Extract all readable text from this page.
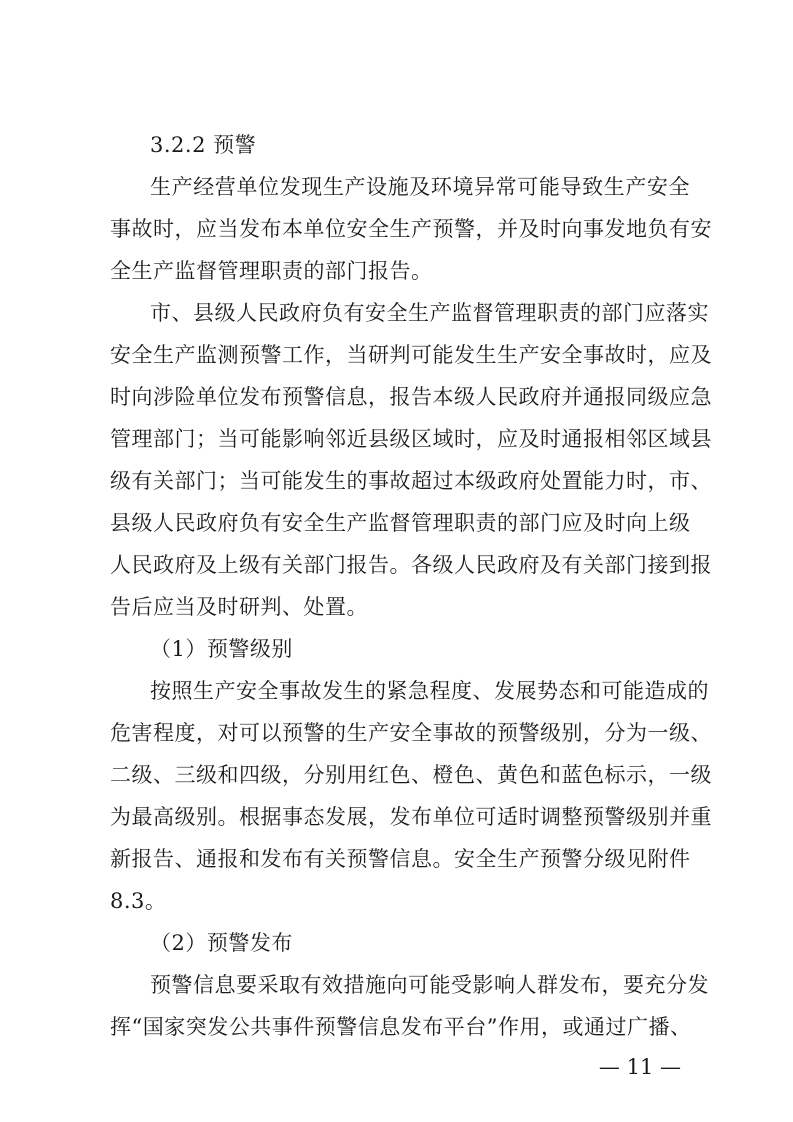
3.2.2 预警
生产经营单位发现生产设施及环境异常可能导致生产安全
事故时，应当发布本单位安全生产预警，并及时向事发地负有安
全生产监督管理职责的部门报告。
市、县级人民政府负有安全生产监督管理职责的部门应落实
安全生产监测预警工作，当研判可能发生生产安全事故时，应及
时向涉险单位发布预警信息，报告本级人民政府并通报同级应急
管理部门；当可能影响邻近县级区域时，应及时通报相邻区域县
级有关部门；当可能发生的事故超过本级政府处置能力时，市、
县级人民政府负有安全生产监督管理职责的部门应及时向上级
人民政府及上级有关部门报告。各级人民政府及有关部门接到报
告后应当及时研判、处置。
（1）预警级别
按照生产安全事故发生的紧急程度、发展势态和可能造成的
危害程度，对可以预警的生产安全事故的预警级别，分为一级、
二级、三级和四级，分别用红色、橙色、黄色和蓝色标示，一级
为最高级别。根据事态发展，发布单位可适时调整预警级别并重
新报告、通报和发布有关预警信息。安全生产预警分级见附件
8.3。
（2）预警发布
预警信息要采取有效措施向可能受影响人群发布，要充分发
挥“国家突发公共事件预警信息发布平台”作用，或通过广播、
— 11 —
